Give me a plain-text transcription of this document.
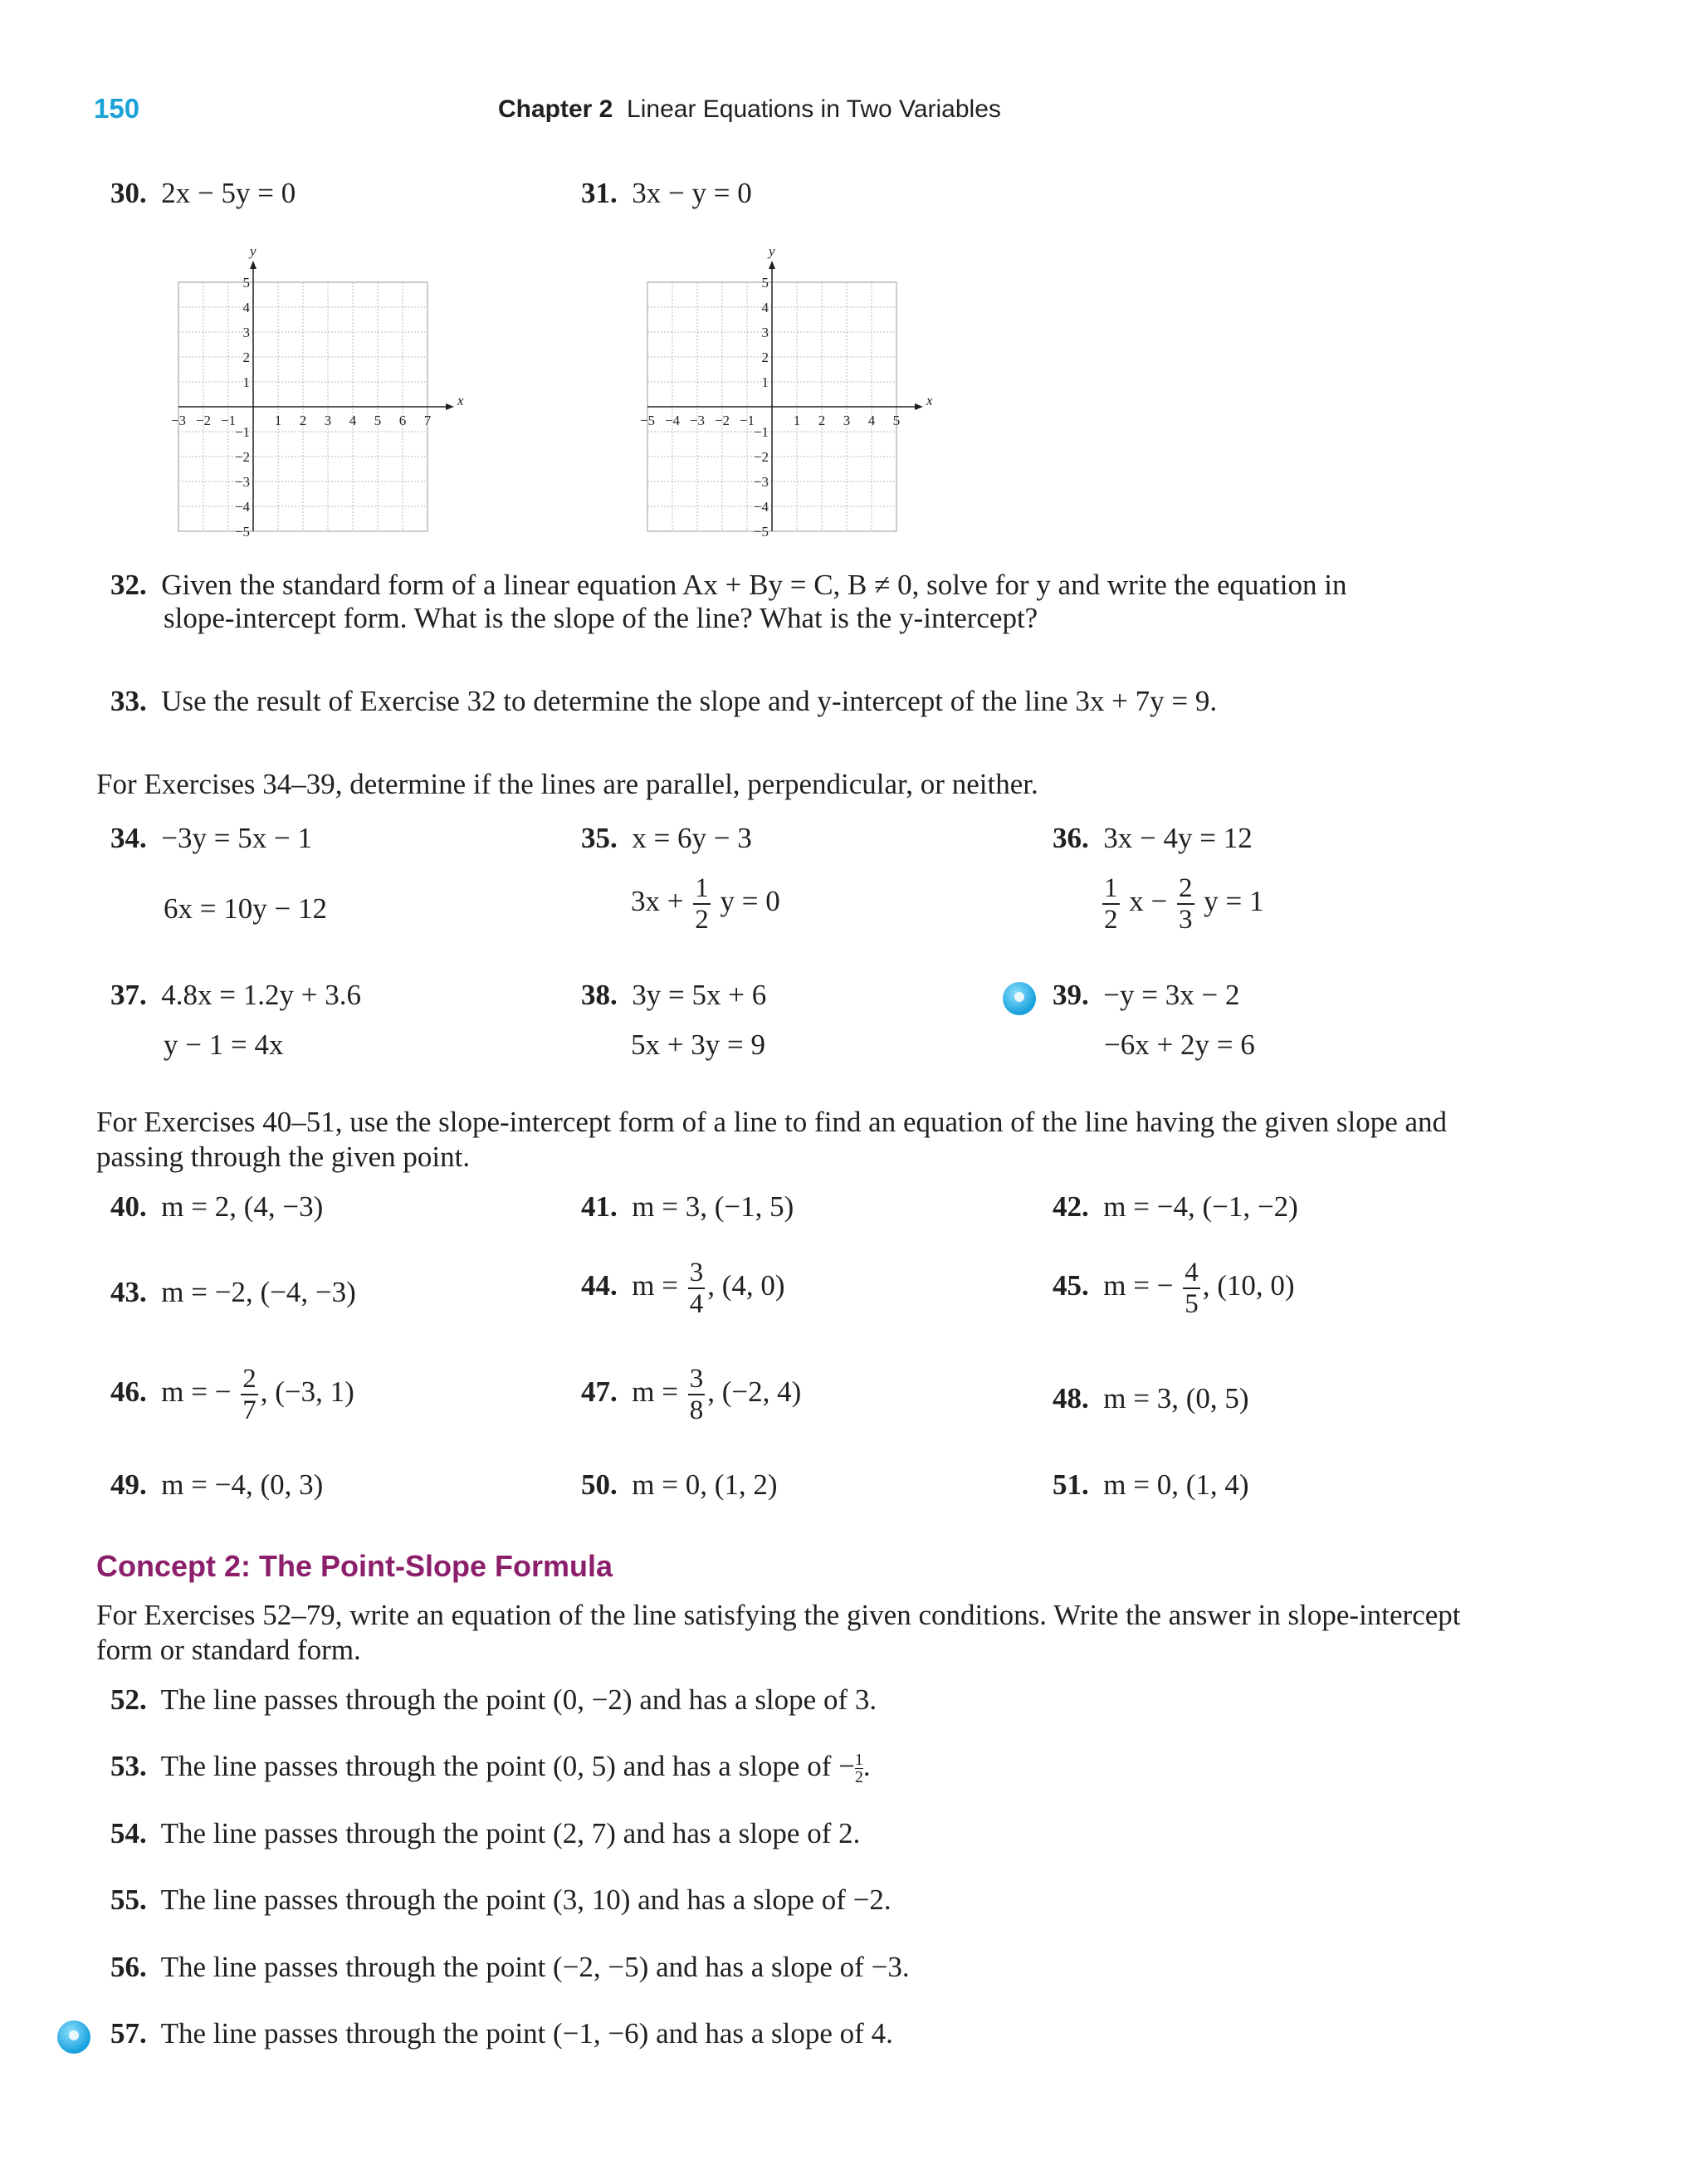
150	Chapter 2 Linear Equations in Two Variables
30. 2x − 5y = 0	31. 3x − y = 0
x
y
−3 −2 −1	1 2 3 4 5 6 7
5
4
3
2
1
−1
−2
−3
−4
−5
x
y
−5 −4 −3 −2 −1	1 2 3 4 5
5
4
3
2
1
−1
−2
−3
−4
−5
32. Given the standard form of a linear equation Ax + By = C, B ≠ 0, solve for y and write the equation in
slope-intercept form. What is the slope of the line? What is the y-intercept?
33. Use the result of Exercise 32 to determine the slope and y-intercept of the line 3x + 7y = 9.
For Exercises 34–39, determine if the lines are parallel, perpendicular, or neither.
34. −3y = 5x − 1
6x = 10y − 12
35. x = 6y − 3
$3x + \frac{1}{2}$ y = 0
36. 3x − 4y = 12
$\frac{1}{2}$ $x - \frac{2}{3}$ y = 1
37. 4.8x = 1.2y + 3.6
y − 1 = 4x
38. 3y = 5x + 6
5x + 3y = 9
39. −y = 3x − 2
−6x + 2y = 6
For Exercises 40–51, use the slope-intercept form of a line to find an equation of the line having the given slope and passing through the given point.
40. m = 2, (4, −3)	41. m = 3, (−1, 5)	42. m = −4, (−1, −2)
43. m = −2, (−4, −3)	44. $m = \frac{3}{4}$ , (4, 0)	45. m = − $\frac{4}{5}$ , (10, 0)
46. m = − $\frac{2}{7}$ , (−3, 1)	47. $m = \frac{3}{8}$ , (−2, 4)	48. m = 3, (0, 5)
49. m = −4, (0, 3)	50. m = 0, (1, 2)	51. m = 0, (1, 4)
Concept 2: The Point-Slope Formula
For Exercises 52–79, write an equation of the line satisfying the given conditions. Write the answer in slope-intercept form or standard form.
52. The line passes through the point (0, −2) and has a slope of 3.
53. The line passes through the point (0, 5) and has a slope of − $\frac{1}{2}$ .
54. The line passes through the point (2, 7) and has a slope of 2.
55. The line passes through the point (3, 10) and has a slope of −2.
56. The line passes through the point (−2, −5) and has a slope of −3.
57. The line passes through the point (−1, −6) and has a slope of 4.
